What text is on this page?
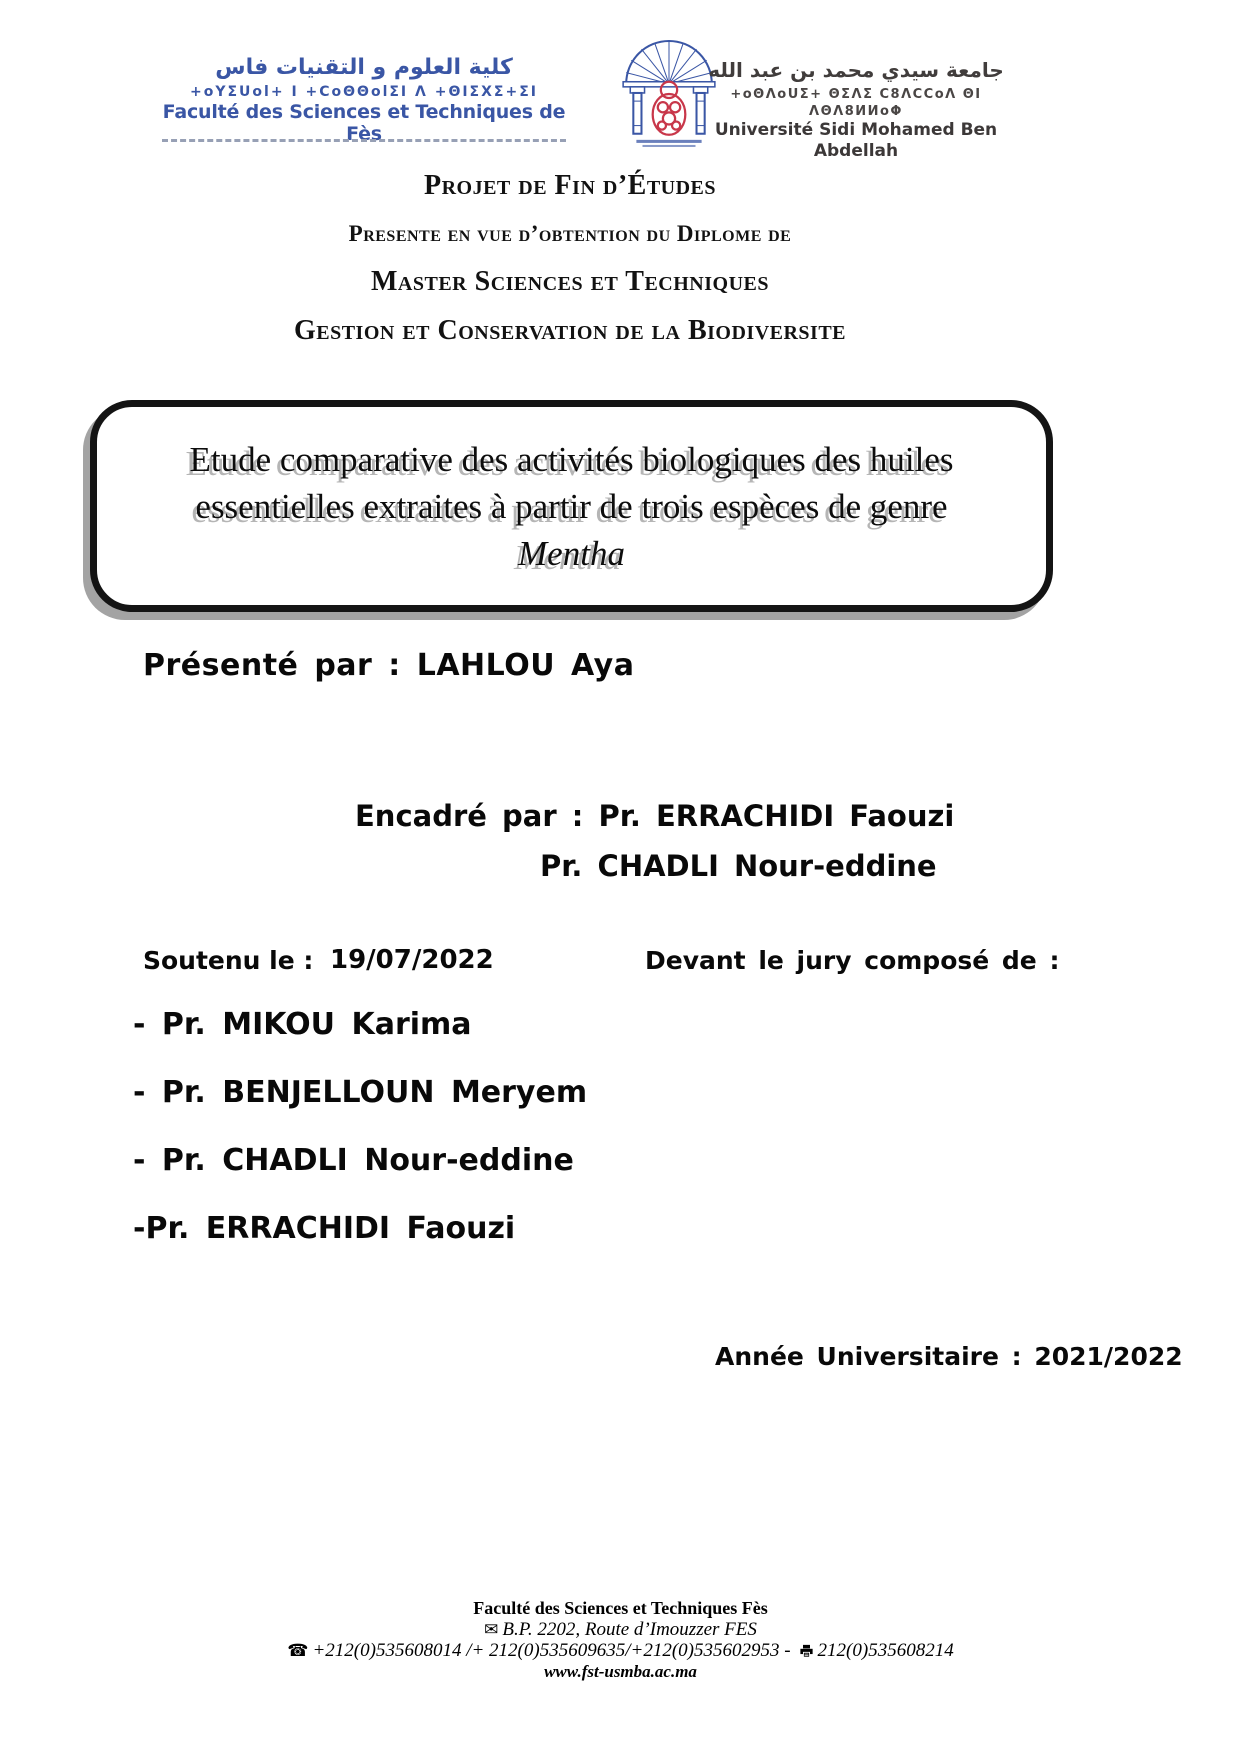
كلية العلوم و التقنيات فاس
+oYΣUol+ I +CoΘΘolΣI Λ +ΘIΣXΣ+ΣI
Faculté des Sciences et Techniques de Fès
جامعة سيدي محمد بن عبد الله
+oΘΛoUΣ+ ΘΣΛΣ C8ΛCCoΛ ΘI ΛΘΛ8ИИoΦ
Université Sidi Mohamed Ben Abdellah
Projet de Fin d’Études
Presente en vue d’obtention du Diplome de
Master Sciences et Techniques
Gestion et Conservation de la Biodiversite
Etude comparative des activités biologiques des huiles
essentielles extraites à partir de trois espèces de genre
Mentha
Présenté par : LAHLOU Aya
Encadré par : Pr. ERRACHIDI Faouzi
Pr. CHADLI Nour-eddine
Soutenu le : 19/07/2022	Devant le jury composé de :
- Pr. MIKOU Karima
- Pr. BENJELLOUN Meryem
- Pr. CHADLI Nour-eddine
-Pr. ERRACHIDI Faouzi
Année Universitaire : 2021/2022
Faculté des Sciences et Techniques Fès
✉ B.P. 2202, Route d’Imouzzer FES
☎ +212(0)535608014 /+ 212(0)535609635/+212(0)535602953 - 212(0)535608214
www.fst-usmba.ac.ma
